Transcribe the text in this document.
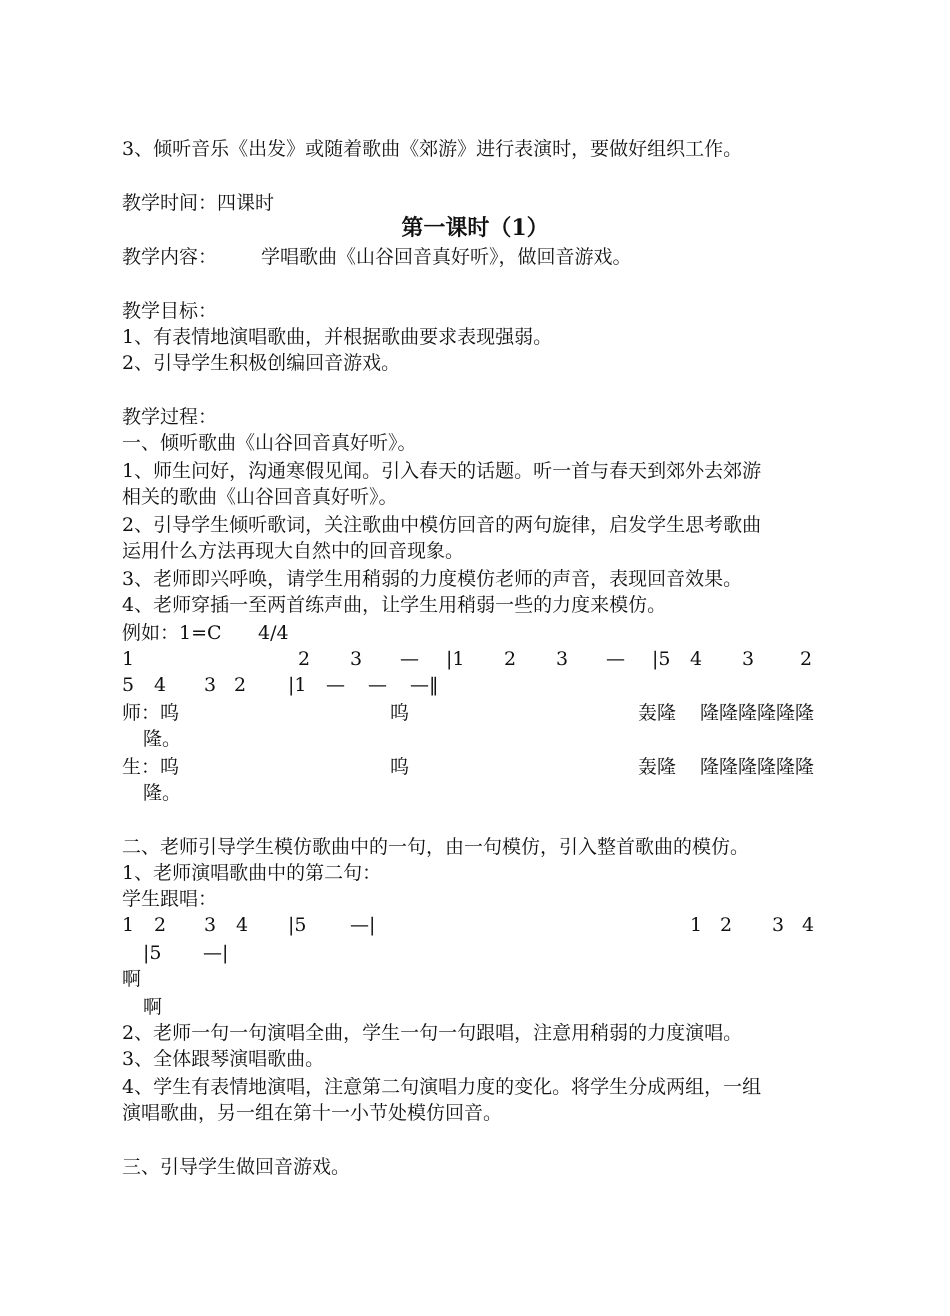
3、倾听音乐《出发》或随着歌曲《郊游》进行表演时，要做好组织工作。
教学时间：四课时
第一课时（1）
教学内容： 学唱歌曲《山谷回音真好听》，做回音游戏。
教学目标：
1、有表情地演唱歌曲，并根据歌曲要求表现强弱。
2、引导学生积极创编回音游戏。
教学过程：
一、倾听歌曲《山谷回音真好听》。
1、师生问好，沟通寒假见闻。引入春天的话题。听一首与春天到郊外去郊游
相关的歌曲《山谷回音真好听》。
2、引导学生倾听歌词，关注歌曲中模仿回音的两句旋律，启发学生思考歌曲
运用什么方法再现大自然中的回音现象。
3、老师即兴呼唤，请学生用稍弱的力度模仿老师的声音，表现回音效果。
4、老师穿插一至两首练声曲，让学生用稍弱一些的力度来模仿。
例如：1=C 4/4
1	2 3 — |1 2 3 — |5 4 3 2
5 4 3 2 |1 — — —‖
师：呜	呜	轰隆 隆隆隆隆隆隆
隆。
生：呜	呜	轰隆 隆隆隆隆隆隆
隆。
二、老师引导学生模仿歌曲中的一句，由一句模仿，引入整首歌曲的模仿。
1、老师演唱歌曲中的第二句：
学生跟唱：
1 2 3 4 |5 —|	1 2 3 4
|5 —|
啊
啊
2、老师一句一句演唱全曲，学生一句一句跟唱，注意用稍弱的力度演唱。
3、全体跟琴演唱歌曲。
4、学生有表情地演唱，注意第二句演唱力度的变化。将学生分成两组，一组
演唱歌曲，另一组在第十一小节处模仿回音。
三、引导学生做回音游戏。
